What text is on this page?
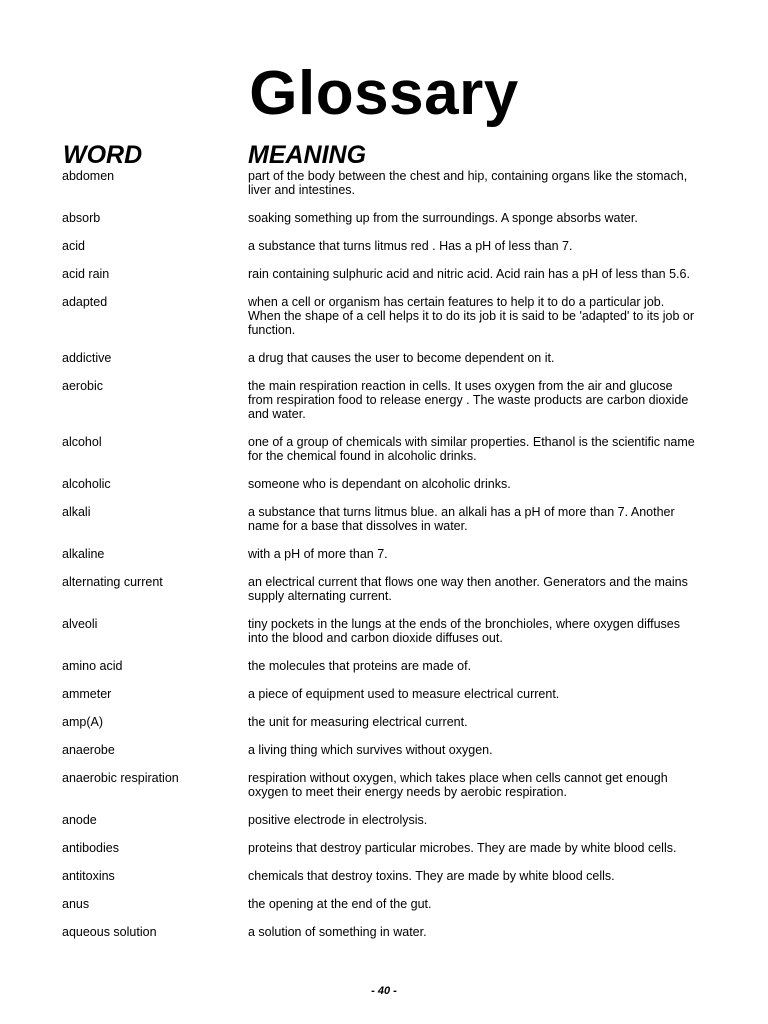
Glossary
WORD	MEANING
abdomen	part of the body between the chest and hip, containing organs like the stomach, liver and intestines.
absorb	soaking something up from the surroundings. A sponge absorbs water.
acid	a substance that turns litmus red . Has a pH of less than 7.
acid rain	rain containing sulphuric acid and nitric acid. Acid rain has a pH of less than 5.6.
adapted	when a cell or organism has certain features to help it to do a particular job. When the shape of a cell helps it to do its job it is said to be 'adapted' to its job or function.
addictive	a drug that causes the user to become dependent on it.
aerobic	the main respiration reaction in cells. It uses oxygen from the air and glucose from respiration food to release energy . The waste products are carbon dioxide and water.
alcohol	one of a group of chemicals with similar properties. Ethanol is the scientific name for the chemical found in alcoholic drinks.
alcoholic	someone who is dependant on alcoholic drinks.
alkali	a substance that turns litmus blue. an alkali has a pH of more than 7. Another name for a base that dissolves in water.
alkaline	with a pH of more than 7.
alternating current	an electrical current that flows one way then another. Generators and the mains supply alternating current.
alveoli	tiny pockets in the lungs at the ends of the bronchioles, where oxygen diffuses into the blood and carbon dioxide diffuses out.
amino acid	the molecules that proteins are made of.
ammeter	a piece of equipment used to measure electrical current.
amp(A)	the unit for measuring electrical current.
anaerobe	a living thing which survives without oxygen.
anaerobic respiration	respiration without oxygen, which takes place when cells cannot get enough oxygen to meet their energy needs by aerobic respiration.
anode	positive electrode in electrolysis.
antibodies	proteins that destroy particular microbes. They are made by white blood cells.
antitoxins	chemicals that destroy toxins. They are made by white blood cells.
anus	the opening at the end of the gut.
aqueous solution	a solution of something in water.
- 40 -
